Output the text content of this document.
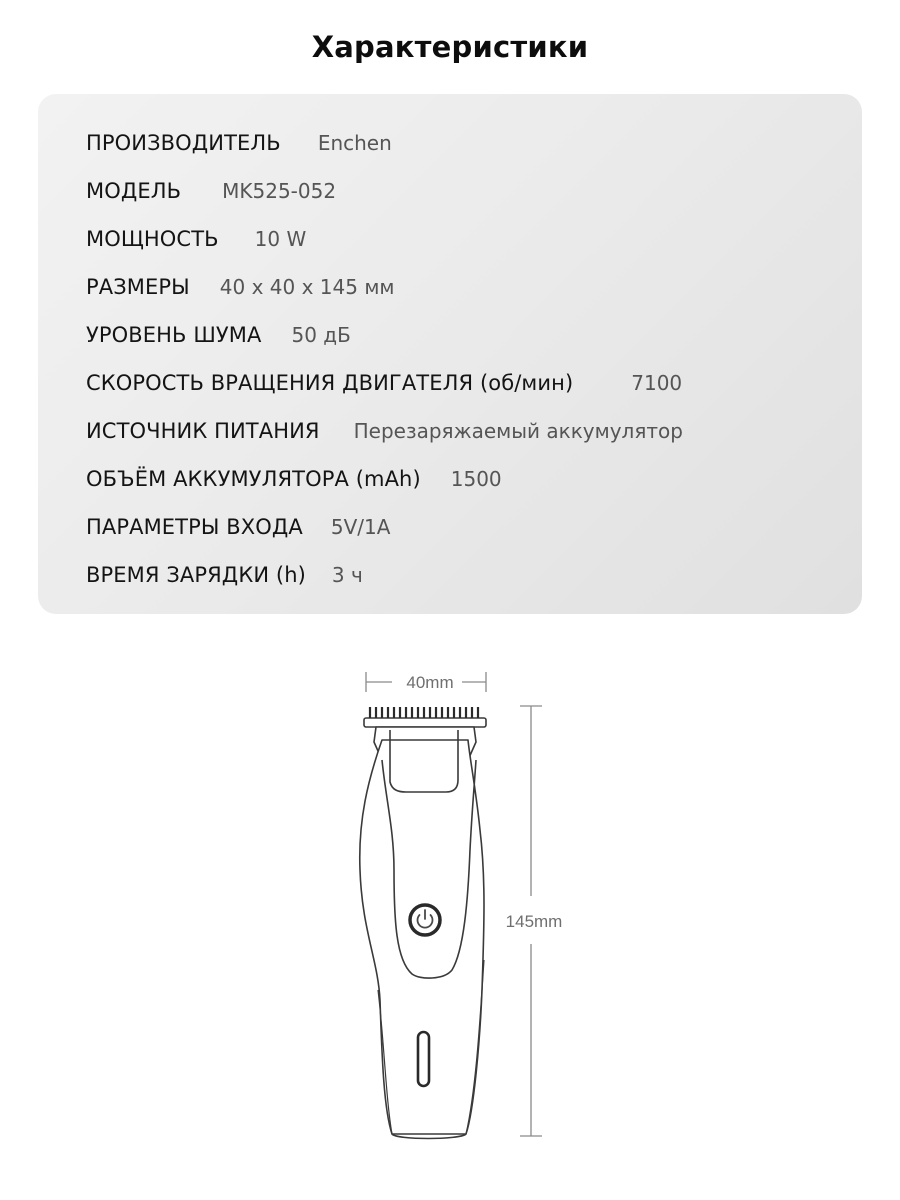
Характеристики
ПРОИЗВОДИТЕЛЬ Enchen
МОДЕЛЬ MK525-052
МОЩНОСТЬ 10 W
РАЗМЕРЫ 40 х 40 х 145 мм
УРОВЕНЬ ШУМА 50 дБ
СКОРОСТЬ ВРАЩЕНИЯ ДВИГАТЕЛЯ (об/мин)	7100
ИСТОЧНИК ПИТАНИЯ Перезаряжаемый аккумулятор
ОБЪЁМ АККУМУЛЯТОРА (mAh) 1500
ПАРАМЕТРЫ ВХОДА 5V/1A
ВРЕМЯ ЗАРЯДКИ (h) 3 ч
40mm
145mm
